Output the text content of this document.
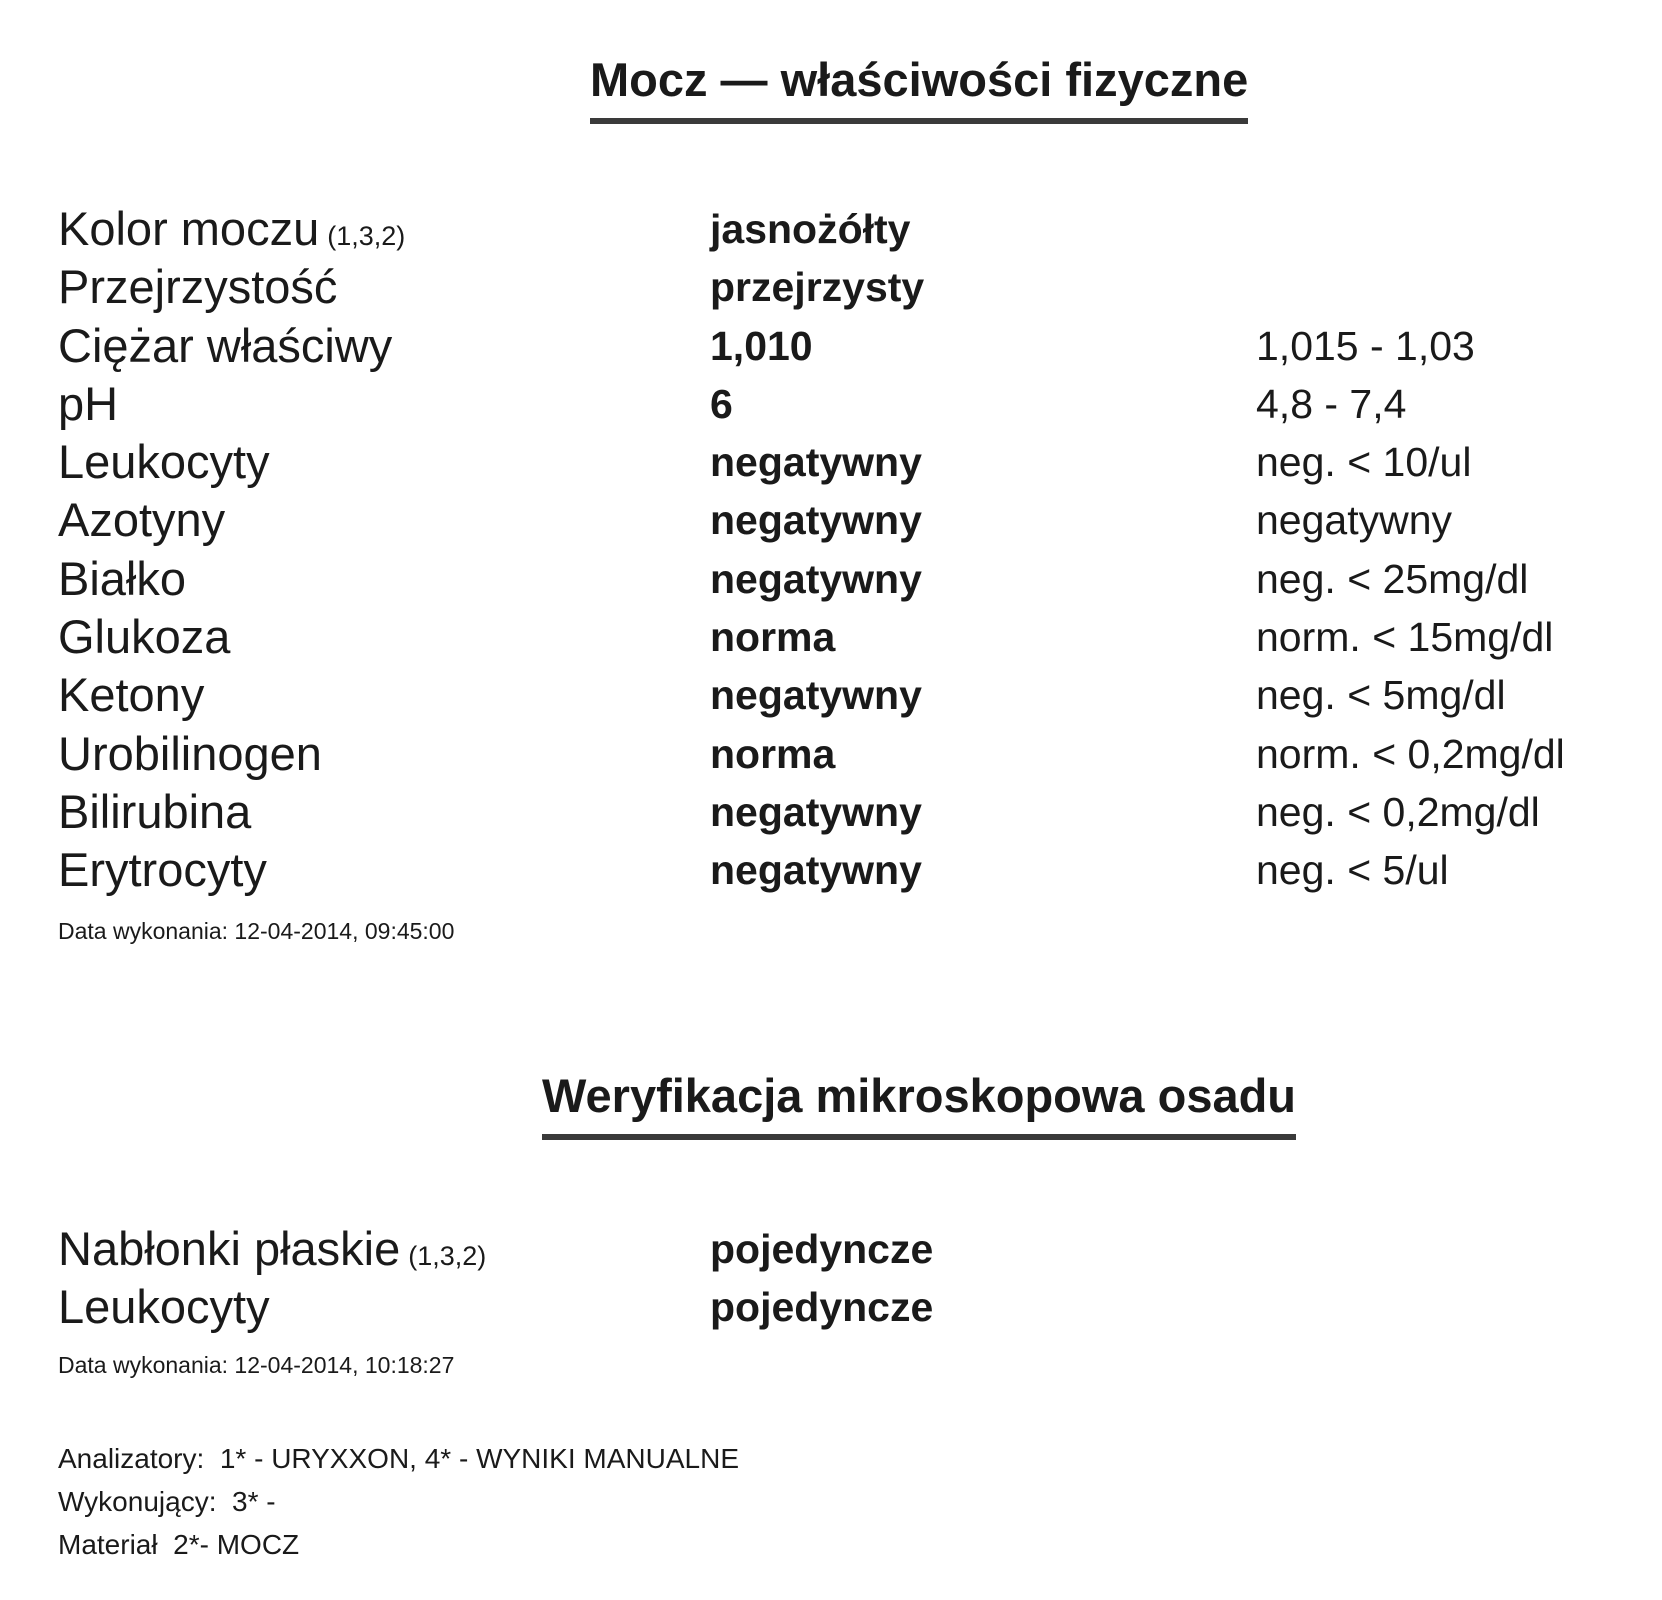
Mocz — właściwości fizyczne
Kolor moczu (1,3,2)	jasnożółty
Przejrzystość	przejrzysty
Ciężar właściwy	1,010	1,015 - 1,03
pH	6	4,8 - 7,4
Leukocyty	negatywny	neg. < 10/ul
Azotyny	negatywny	negatywny
Białko	negatywny	neg. < 25mg/dl
Glukoza	norma	norm. < 15mg/dl
Ketony	negatywny	neg. < 5mg/dl
Urobilinogen	norma	norm. < 0,2mg/dl
Bilirubina	negatywny	neg. < 0,2mg/dl
Erytrocyty	negatywny	neg. < 5/ul
Data wykonania: 12-04-2014, 09:45:00
Weryfikacja mikroskopowa osadu
Nabłonki płaskie (1,3,2)	pojedyncze
Leukocyty	pojedyncze
Data wykonania: 12-04-2014, 10:18:27
Analizatory:  1* - URYXXON, 4* - WYNIKI MANUALNE
Wykonujący:  3* -
Materiał  2*- MOCZ
